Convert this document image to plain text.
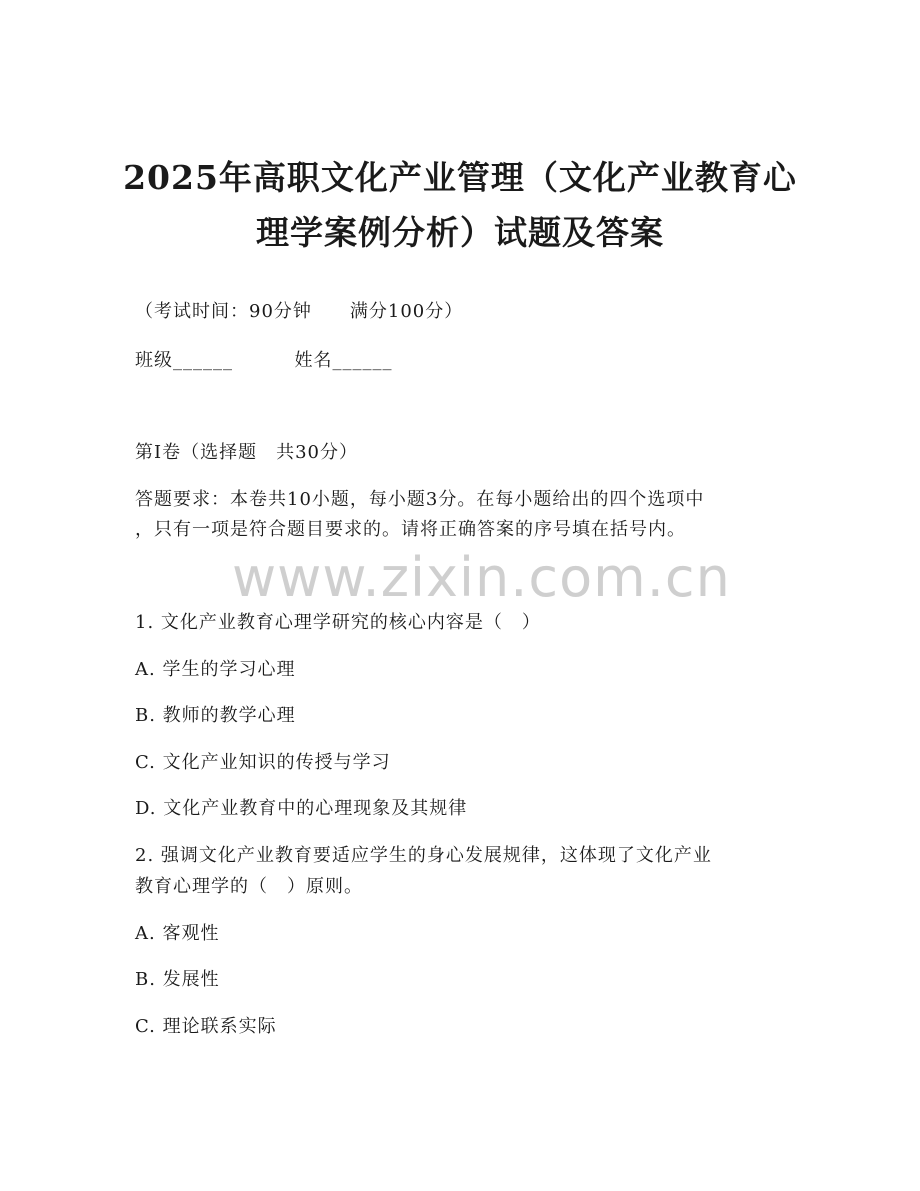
2025年高职文化产业管理（文化产业教育心
理学案例分析）试题及答案
（考试时间：90分钟　　满分100分）
班级______	姓名______
第I卷（选择题　共30分）
答题要求：本卷共10小题，每小题3分。在每小题给出的四个选项中
，只有一项是符合题目要求的。请将正确答案的序号填在括号内。
www.zixin.com.cn
1. 文化产业教育心理学研究的核心内容是（　）
A. 学生的学习心理
B. 教师的教学心理
C. 文化产业知识的传授与学习
D. 文化产业教育中的心理现象及其规律
2. 强调文化产业教育要适应学生的身心发展规律，这体现了文化产业
教育心理学的（　）原则。
A. 客观性
B. 发展性
C. 理论联系实际
